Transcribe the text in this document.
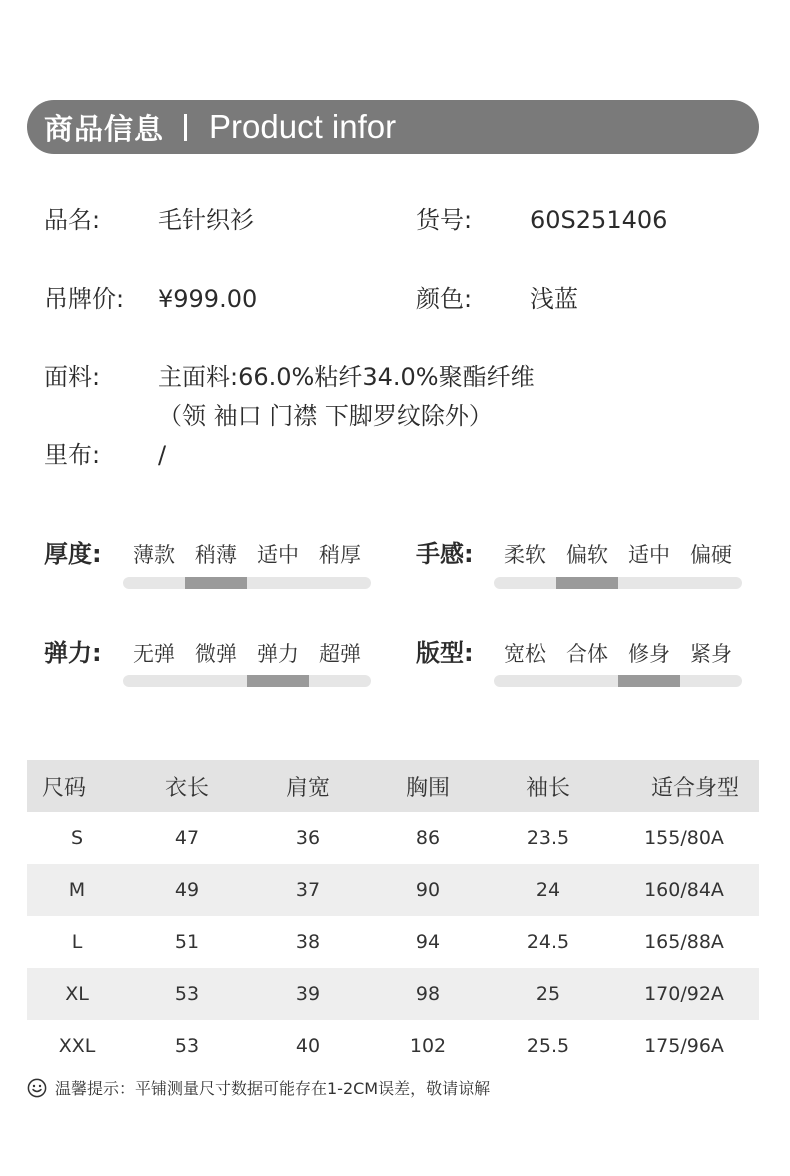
商品信息 Product infor
品名: 毛针织衫	货号: 60S251406
吊牌价: ¥999.00	颜色: 浅蓝
面料: 主面料:66.0%粘纤34.0%聚酯纤维
（领 袖口 门襟 下脚罗纹除外）
里布: /
厚度:	薄款 稍薄 适中 稍厚	手感:	柔软 偏软 适中 偏硬
弹力:	无弹 微弹 弹力 超弹	版型:	宽松 合体 修身 紧身
尺码	衣长	肩宽	胸围	袖长	适合身型
S	47	36	86	23.5	155/80A
M	49	37	90	24	160/84A
L	51	38	94	24.5	165/88A
XL	53	39	98	25	170/92A
XXL	53	40	102	25.5	175/96A
温馨提示：平铺测量尺寸数据可能存在1-2CM误差，敬请谅解
